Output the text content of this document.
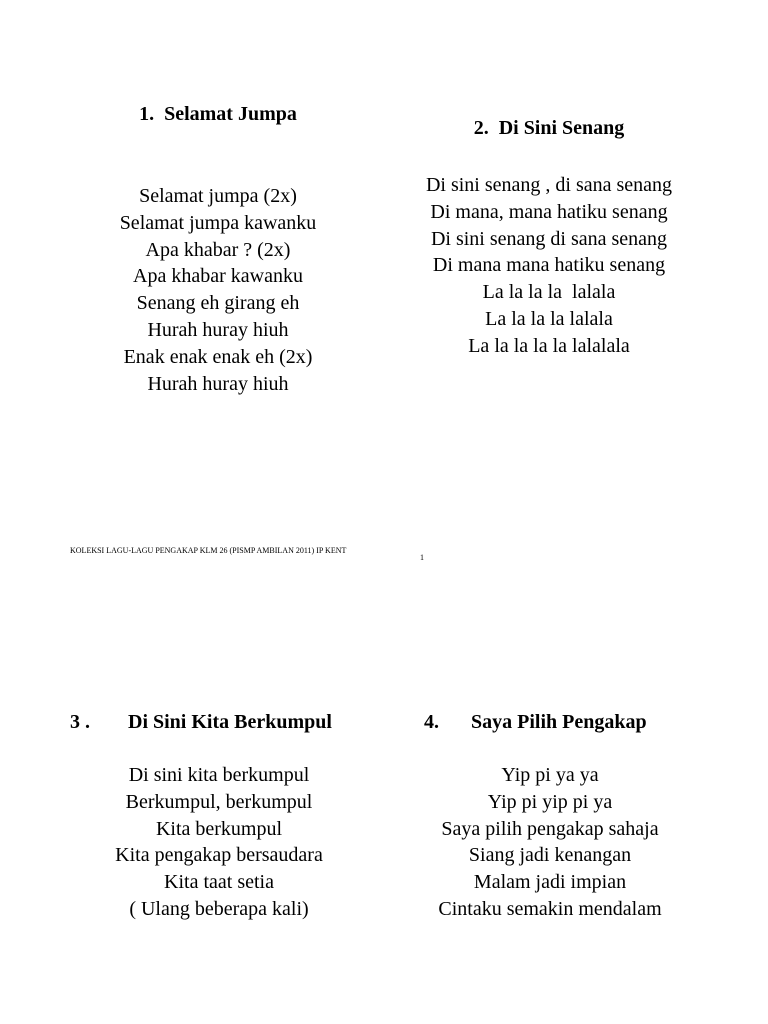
1. Selamat Jumpa
Selamat jumpa (2x)
Selamat jumpa kawanku
Apa khabar ? (2x)
Apa khabar kawanku
Senang eh girang eh
Hurah huray hiuh
Enak enak enak eh (2x)
Hurah huray hiuh
2. Di Sini Senang
Di sini senang , di sana senang
Di mana, mana hatiku senang
Di sini senang di sana senang
Di mana mana hatiku senang
La la la la  lalala
La la la la lalala
La la la la la lalalala
KOLEKSI LAGU-LAGU PENGAKAP KLM 26 (PISMP AMBILAN 2011) IP KENT
1
3 . Di Sini Kita Berkumpul
Di sini kita berkumpul
Berkumpul, berkumpul
Kita berkumpul
Kita pengakap bersaudara
Kita taat setia
( Ulang beberapa kali)
4. Saya Pilih Pengakap
Yip pi ya ya
Yip pi yip pi ya
Saya pilih pengakap sahaja
Siang jadi kenangan
Malam jadi impian
Cintaku semakin mendalam
